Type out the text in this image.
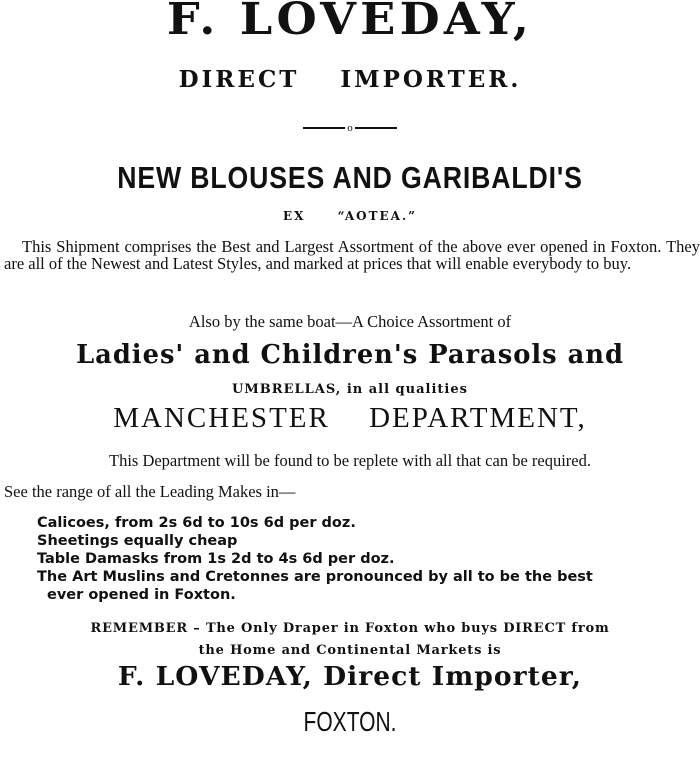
F. LOVEDAY,
DIRECT IMPORTER.
o
NEW BLOUSES AND GARIBALDI'S
EX “AOTEA.”
This Shipment comprises the Best and Largest Assortment of the above ever opened in Foxton. They are all of the Newest and Latest Styles, and marked at prices that will enable everybody to buy.
Also by the same boat—A Choice Assortment of
Ladies' and Children's Parasols and
UMBRELLAS, in all qualities
MANCHESTER DEPARTMENT,
This Department will be found to be replete with all that can be required.
See the range of all the Leading Makes in—
Calicoes, from 2s 6d to 10s 6d per doz.
Sheetings equally cheap
Table Damasks from 1s 2d to 4s 6d per doz.
The Art Muslins and Cretonnes are pronounced by all to be the best
ever opened in Foxton.
REMEMBER – The Only Draper in Foxton who buys DIRECT from
the Home and Continental Markets is
F. LOVEDAY, Direct Importer,
FOXTON.
